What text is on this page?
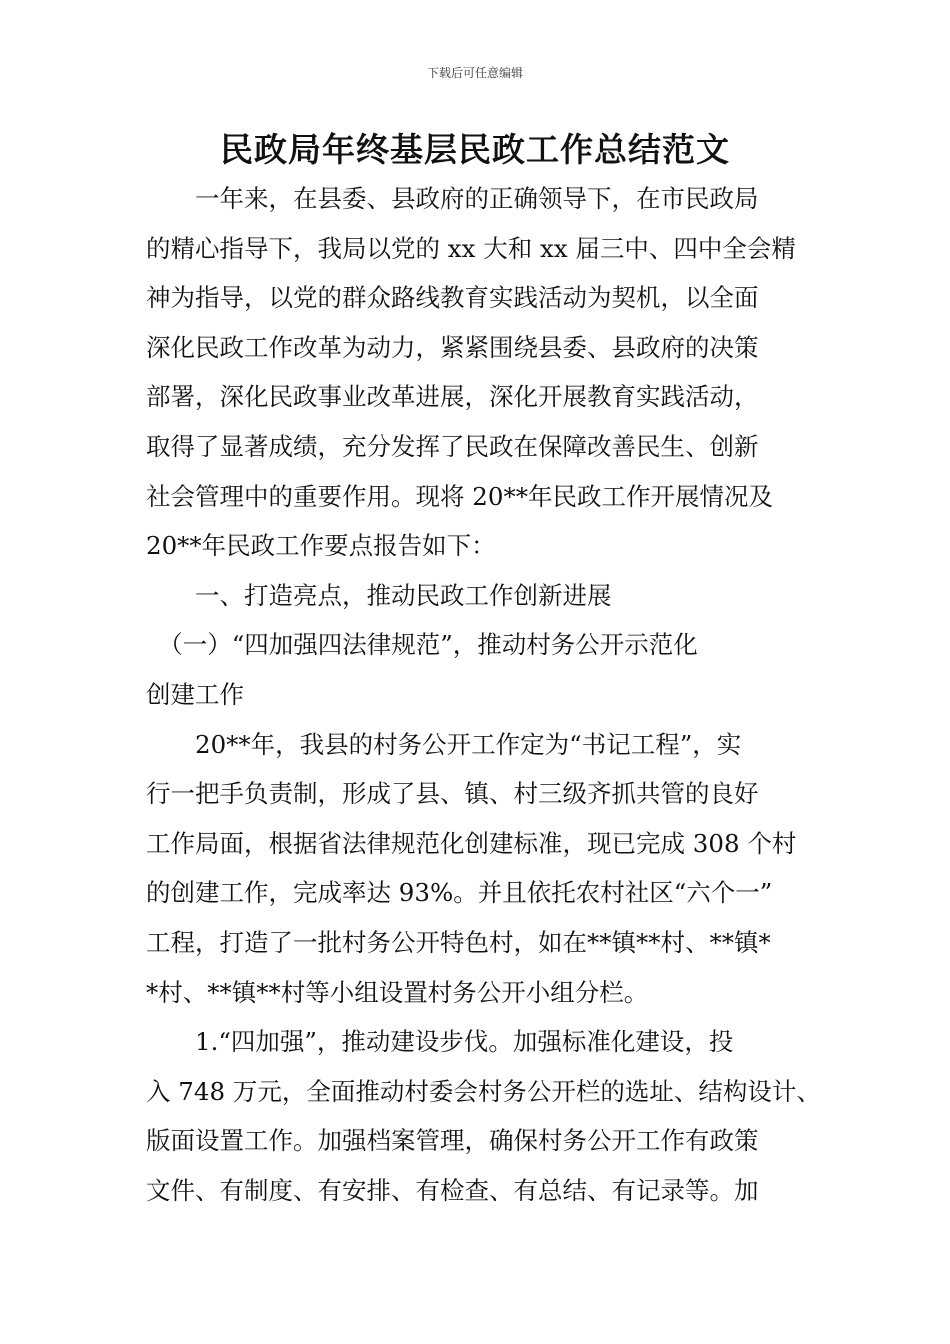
下载后可任意编辑
民政局年终基层民政工作总结范文
　　一年来，在县委、县政府的正确领导下，在市民政局
的精心指导下，我局以党的 xx 大和 xx 届三中、四中全会精
神为指导，以党的群众路线教育实践活动为契机，以全面
深化民政工作改革为动力，紧紧围绕县委、县政府的决策
部署，深化民政事业改革进展，深化开展教育实践活动，
取得了显著成绩，充分发挥了民政在保障改善民生、创新
社会管理中的重要作用。现将 20**年民政工作开展情况及
20**年民政工作要点报告如下：
　　一、打造亮点，推动民政工作创新进展
　（一）“四加强四法律规范”，推动村务公开示范化
创建工作
　　20**年，我县的村务公开工作定为“书记工程”，实
行一把手负责制，形成了县、镇、村三级齐抓共管的良好
工作局面，根据省法律规范化创建标准，现已完成 308 个村
的创建工作，完成率达 93%。并且依托农村社区“六个一”
工程，打造了一批村务公开特色村，如在**镇**村、**镇*
*村、**镇**村等小组设置村务公开小组分栏。
　　1.“四加强”，推动建设步伐。加强标准化建设，投
入 748 万元，全面推动村委会村务公开栏的选址、结构设计、
版面设置工作。加强档案管理，确保村务公开工作有政策
文件、有制度、有安排、有检查、有总结、有记录等。加
